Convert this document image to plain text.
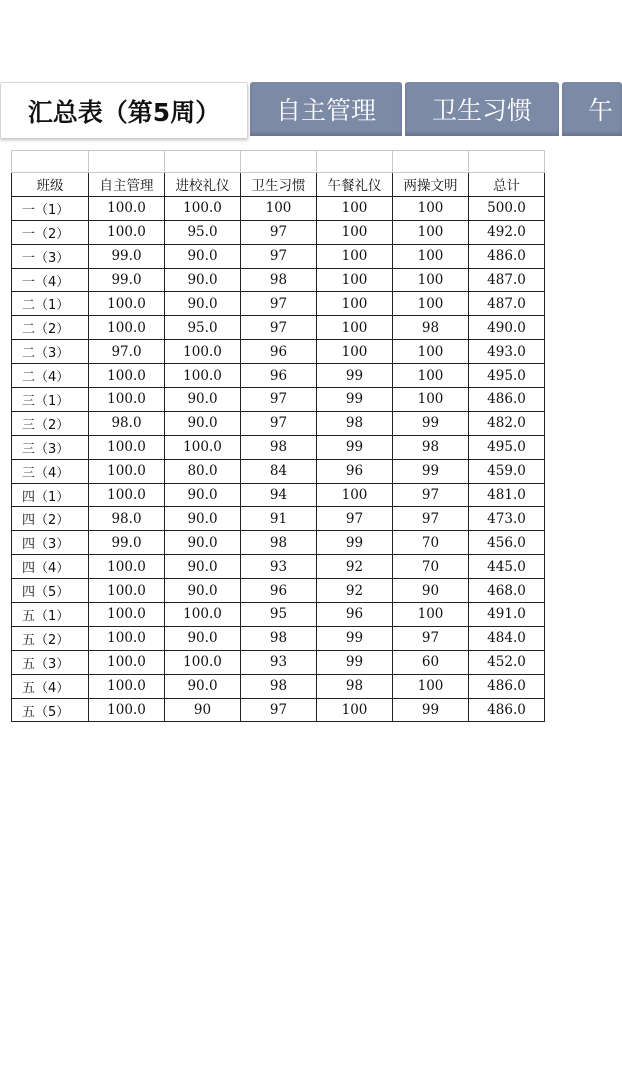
汇总表（第5周）	自主管理	卫生习惯	午

班级	自主管理	进校礼仪	卫生习惯	午餐礼仪	两操文明	总计
一（1）	100.0	100.0	100	100	100	500.0
一（2）	100.0	95.0	97	100	100	492.0
一（3）	99.0	90.0	97	100	100	486.0
一（4）	99.0	90.0	98	100	100	487.0
二（1）	100.0	90.0	97	100	100	487.0
二（2）	100.0	95.0	97	100	98	490.0
二（3）	97.0	100.0	96	100	100	493.0
二（4）	100.0	100.0	96	99	100	495.0
三（1）	100.0	90.0	97	99	100	486.0
三（2）	98.0	90.0	97	98	99	482.0
三（3）	100.0	100.0	98	99	98	495.0
三（4）	100.0	80.0	84	96	99	459.0
四（1）	100.0	90.0	94	100	97	481.0
四（2）	98.0	90.0	91	97	97	473.0
四（3）	99.0	90.0	98	99	70	456.0
四（4）	100.0	90.0	93	92	70	445.0
四（5）	100.0	90.0	96	92	90	468.0
五（1）	100.0	100.0	95	96	100	491.0
五（2）	100.0	90.0	98	99	97	484.0
五（3）	100.0	100.0	93	99	60	452.0
五（4）	100.0	90.0	98	98	100	486.0
五（5）	100.0	90	97	100	99	486.0
